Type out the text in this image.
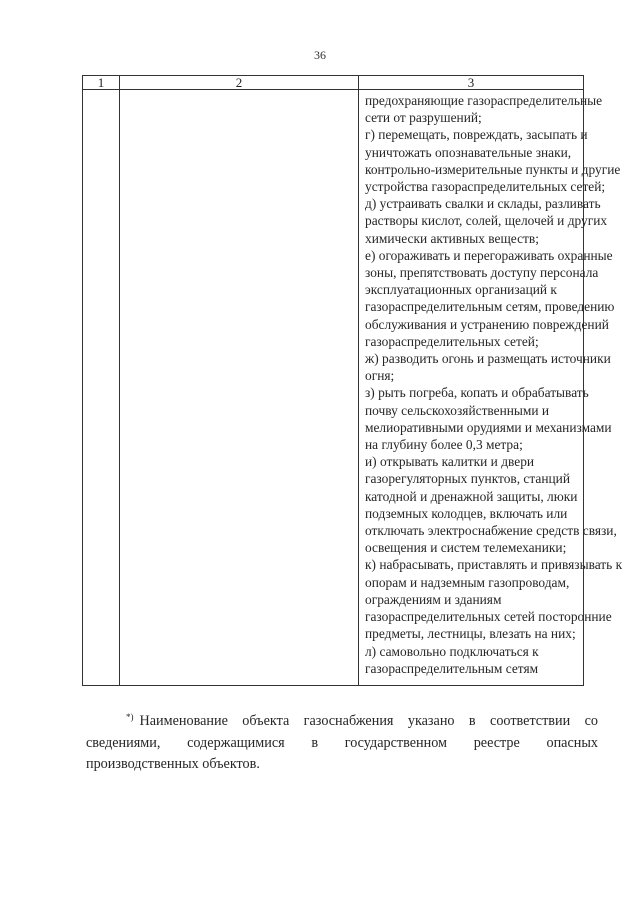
36
1	2	3
предохраняющие газораспределительные
сети от разрушений;
г) перемещать, повреждать, засыпать и
уничтожать опознавательные знаки,
контрольно-измерительные пункты и другие
устройства газораспределительных сетей;
д) устраивать свалки и склады, разливать
растворы кислот, солей, щелочей и других
химически активных веществ;
е) огораживать и перегораживать охранные
зоны, препятствовать доступу персонала
эксплуатационных организаций к
газораспределительным сетям, проведению
обслуживания и устранению повреждений
газораспределительных сетей;
ж) разводить огонь и размещать источники
огня;
з) рыть погреба, копать и обрабатывать
почву сельскохозяйственными и
мелиоративными орудиями и механизмами
на глубину более 0,3 метра;
и) открывать калитки и двери
газорегуляторных пунктов, станций
катодной и дренажной защиты, люки
подземных колодцев, включать или
отключать электроснабжение средств связи,
освещения и систем телемеханики;
к) набрасывать, приставлять и привязывать к
опорам и надземным газопроводам,
ограждениям и зданиям
газораспределительных сетей посторонние
предметы, лестницы, влезать на них;
л) самовольно подключаться к
газораспределительным сетям
*) Наименование объекта газоснабжения указано в соответствии со
сведениями, содержащимися в государственном реестре опасных
производственных объектов.
